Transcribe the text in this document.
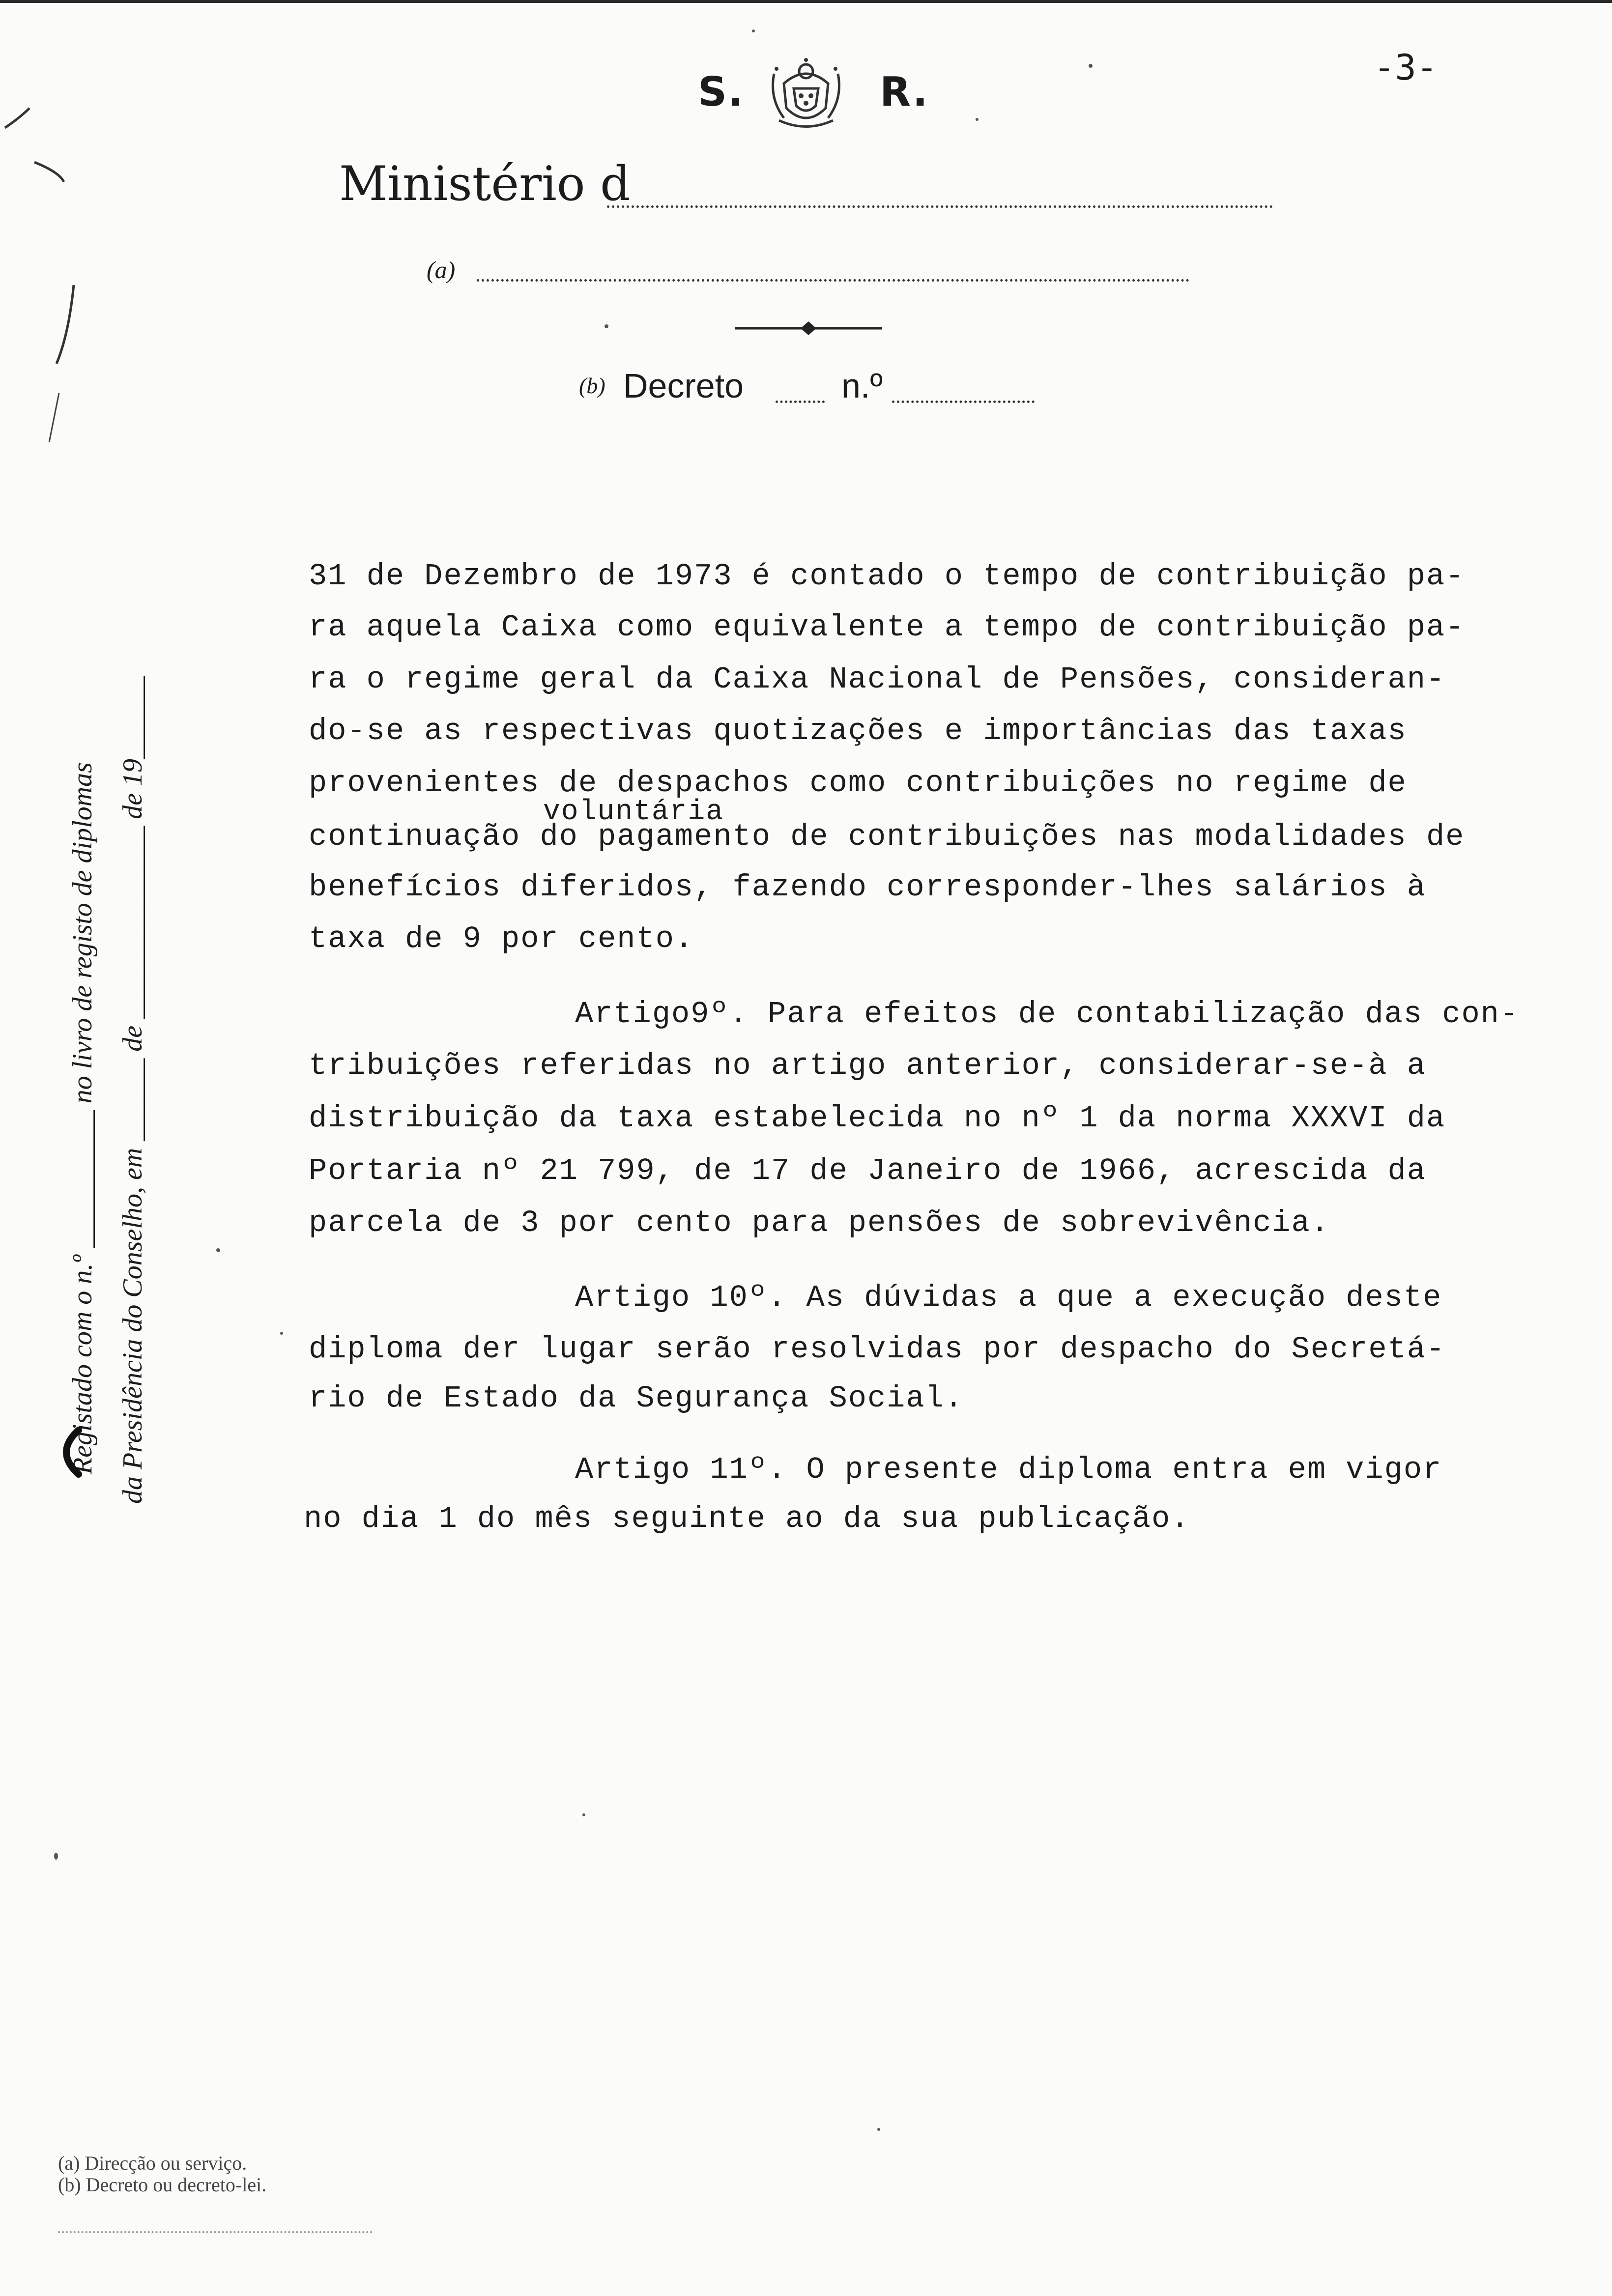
S.	R.
-3-
Ministério d
(a)
(b) Decreto	n.º
Registado com o n.º __________ no livro de registo de diplomas da Presidência do Conselho, em ______ de ______________ de 19______
31 de Dezembro de 1973 é contado o tempo de contribuição pa-
ra aquela Caixa como equivalente a tempo de contribuição pa-
ra o regime geral da Caixa Nacional de Pensões, consideran-
do-se as respectivas quotizações e importâncias das taxas
provenientes de despachos como contribuições no regime de
voluntária
continuação do pagamento de contribuições nas modalidades de
benefícios diferidos, fazendo corresponder-lhes salários à
taxa de 9 por cento.
Artigo9º. Para efeitos de contabilização das con-
tribuições referidas no artigo anterior, considerar-se-à a
distribuição da taxa estabelecida no nº 1 da norma XXXVI da
Portaria nº 21 799, de 17 de Janeiro de 1966, acrescida da
parcela de 3 por cento para pensões de sobrevivência.
Artigo 10º. As dúvidas a que a execução deste
diploma der lugar serão resolvidas por despacho do Secretá-
rio de Estado da Segurança Social.
Artigo 11º. O presente diploma entra em vigor
no dia 1 do mês seguinte ao da sua publicação.
(a) Direcção ou serviço.
(b) Decreto ou decreto-lei.
